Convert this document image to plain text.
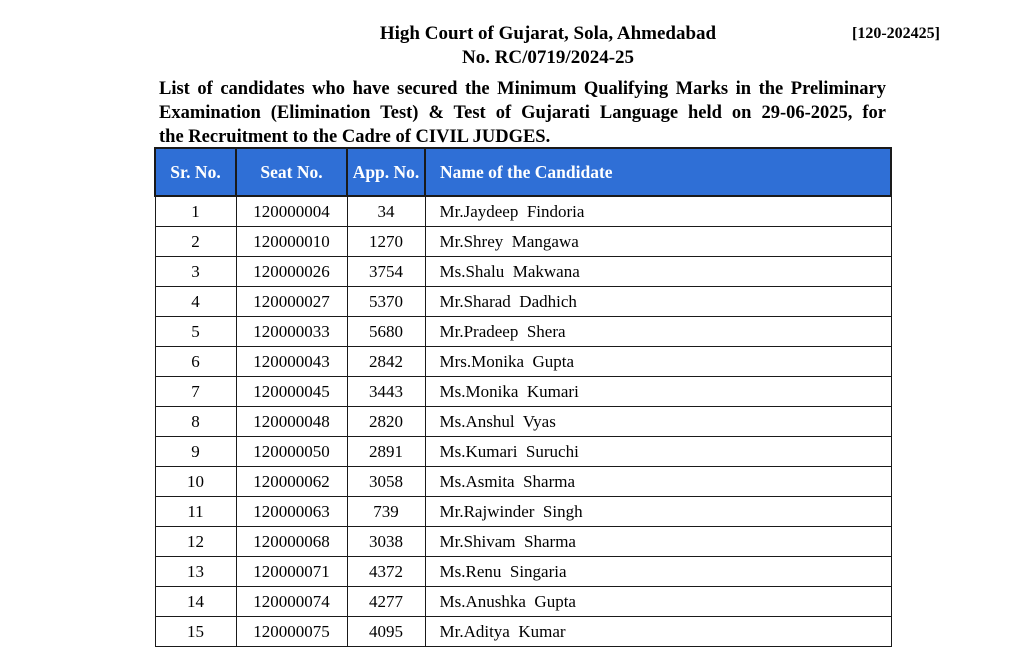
High Court of Gujarat, Sola, Ahmedabad
No. RC/0719/2024-25
[120-202425]
List of candidates who have secured the Minimum Qualifying Marks in the Preliminary
Examination (Elimination Test) & Test of Gujarati Language held on 29-06-2025, for
the Recruitment to the Cadre of CIVIL JUDGES.
Sr. No.	Seat No.	App. No.	Name of the Candidate
1	120000004	34	Mr.Jaydeep  Findoria
2	120000010	1270	Mr.Shrey  Mangawa
3	120000026	3754	Ms.Shalu  Makwana
4	120000027	5370	Mr.Sharad  Dadhich
5	120000033	5680	Mr.Pradeep  Shera
6	120000043	2842	Mrs.Monika  Gupta
7	120000045	3443	Ms.Monika  Kumari
8	120000048	2820	Ms.Anshul  Vyas
9	120000050	2891	Ms.Kumari  Suruchi
10	120000062	3058	Ms.Asmita  Sharma
11	120000063	739	Mr.Rajwinder  Singh
12	120000068	3038	Mr.Shivam  Sharma
13	120000071	4372	Ms.Renu  Singaria
14	120000074	4277	Ms.Anushka  Gupta
15	120000075	4095	Mr.Aditya  Kumar
